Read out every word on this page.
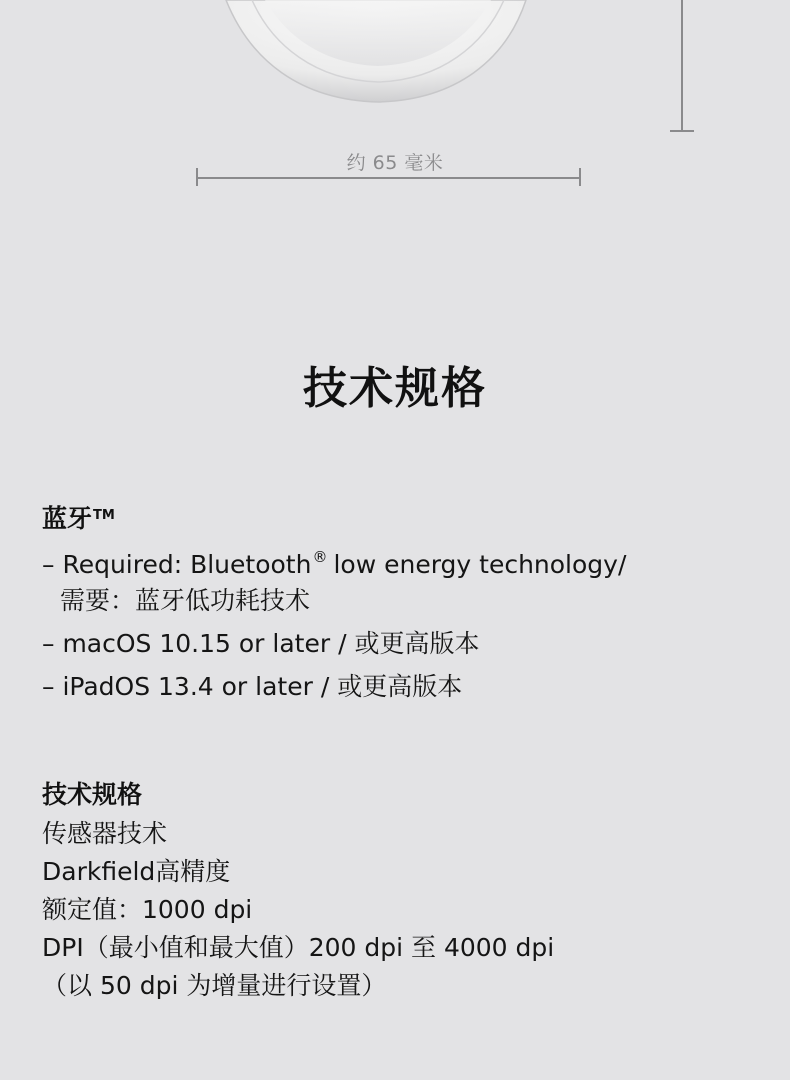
约 65 毫米
技术规格
蓝牙™
– Required: Bluetooth® low energy technology/
需要：蓝牙低功耗技术
– macOS 10.15 or later / 或更高版本
– iPadOS 13.4 or later / 或更高版本
技术规格
传感器技术
Darkfield高精度
额定值：1000 dpi
DPI（最小值和最大值）200 dpi 至 4000 dpi
（以 50 dpi 为增量进行设置）
